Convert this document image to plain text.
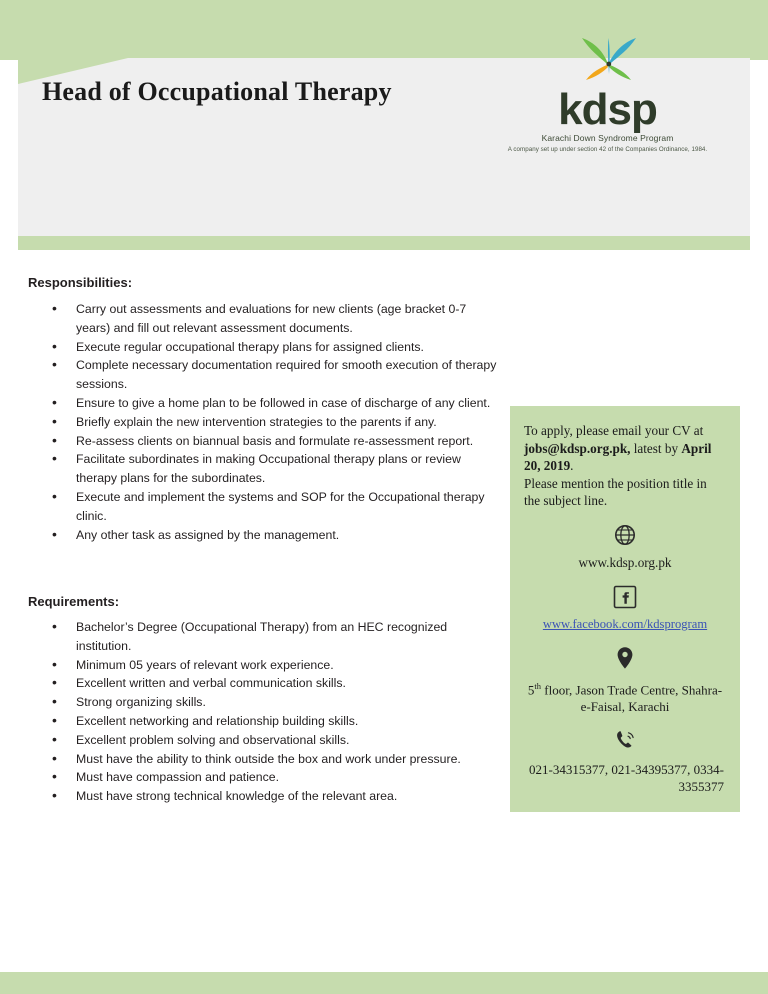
Head of Occupational Therapy	kdsp
Karachi Down Syndrome Program
A company set up under section 42 of the Companies Ordinance, 1984.
Responsibilities:
• Carry out assessments and evaluations for new clients (age bracket 0-7 years) and fill out relevant assessment documents.
• Execute regular occupational therapy plans for assigned clients.
• Complete necessary documentation required for smooth execution of therapy sessions.
• Ensure to give a home plan to be followed in case of discharge of any client.
• Briefly explain the new intervention strategies to the parents if any.
• Re-assess clients on biannual basis and formulate re-assessment report.
• Facilitate subordinates in making Occupational therapy plans or review therapy plans for the subordinates.
• Execute and implement the systems and SOP for the Occupational therapy clinic.
• Any other task as assigned by the management.
Requirements:
• Bachelor’s Degree (Occupational Therapy) from an HEC recognized institution.
• Minimum 05 years of relevant work experience.
• Excellent written and verbal communication skills.
• Strong organizing skills.
• Excellent networking and relationship building skills.
• Excellent problem solving and observational skills.
• Must have the ability to think outside the box and work under pressure.
• Must have compassion and patience.
• Must have strong technical knowledge of the relevant area.
To apply, please email your CV at jobs@kdsp.org.pk, latest by April 20, 2019.
Please mention the position title in the subject line.
www.kdsp.org.pk
www.facebook.com/kdsprogram
5th floor, Jason Trade Centre, Shahra-
e-Faisal, Karachi
021-34315377, 021-34395377, 0334-
3355377
